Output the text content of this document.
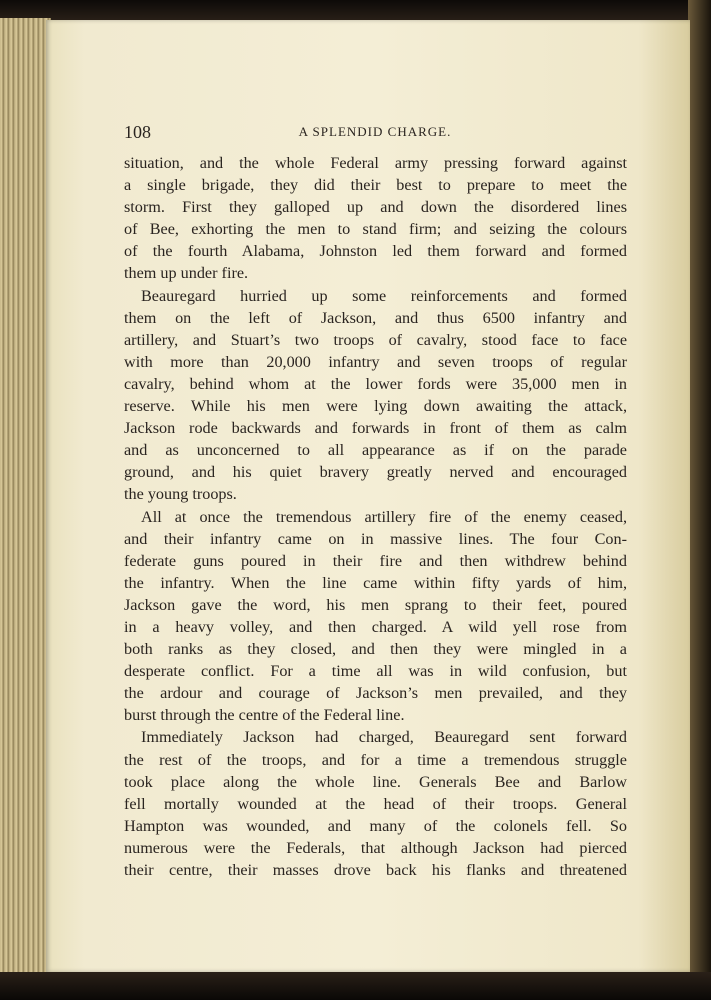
108	A SPLENDID CHARGE.
situation, and the whole Federal army pressing forward against
a single brigade, they did their best to prepare to meet the
storm. First they galloped up and down the disordered lines
of Bee, exhorting the men to stand firm; and seizing the colours
of the fourth Alabama, Johnston led them forward and formed
them up under fire.
Beauregard hurried up some reinforcements and formed
them on the left of Jackson, and thus 6500 infantry and
artillery, and Stuart’s two troops of cavalry, stood face to face
with more than 20,000 infantry and seven troops of regular
cavalry, behind whom at the lower fords were 35,000 men in
reserve. While his men were lying down awaiting the attack,
Jackson rode backwards and forwards in front of them as calm
and as unconcerned to all appearance as if on the parade
ground, and his quiet bravery greatly nerved and encouraged
the young troops.
All at once the tremendous artillery fire of the enemy ceased,
and their infantry came on in massive lines. The four Con-
federate guns poured in their fire and then withdrew behind
the infantry. When the line came within fifty yards of him,
Jackson gave the word, his men sprang to their feet, poured
in a heavy volley, and then charged. A wild yell rose from
both ranks as they closed, and then they were mingled in a
desperate conflict. For a time all was in wild confusion, but
the ardour and courage of Jackson’s men prevailed, and they
burst through the centre of the Federal line.
Immediately Jackson had charged, Beauregard sent forward
the rest of the troops, and for a time a tremendous struggle
took place along the whole line. Generals Bee and Barlow
fell mortally wounded at the head of their troops. General
Hampton was wounded, and many of the colonels fell. So
numerous were the Federals, that although Jackson had pierced
their centre, their masses drove back his flanks and threatened
